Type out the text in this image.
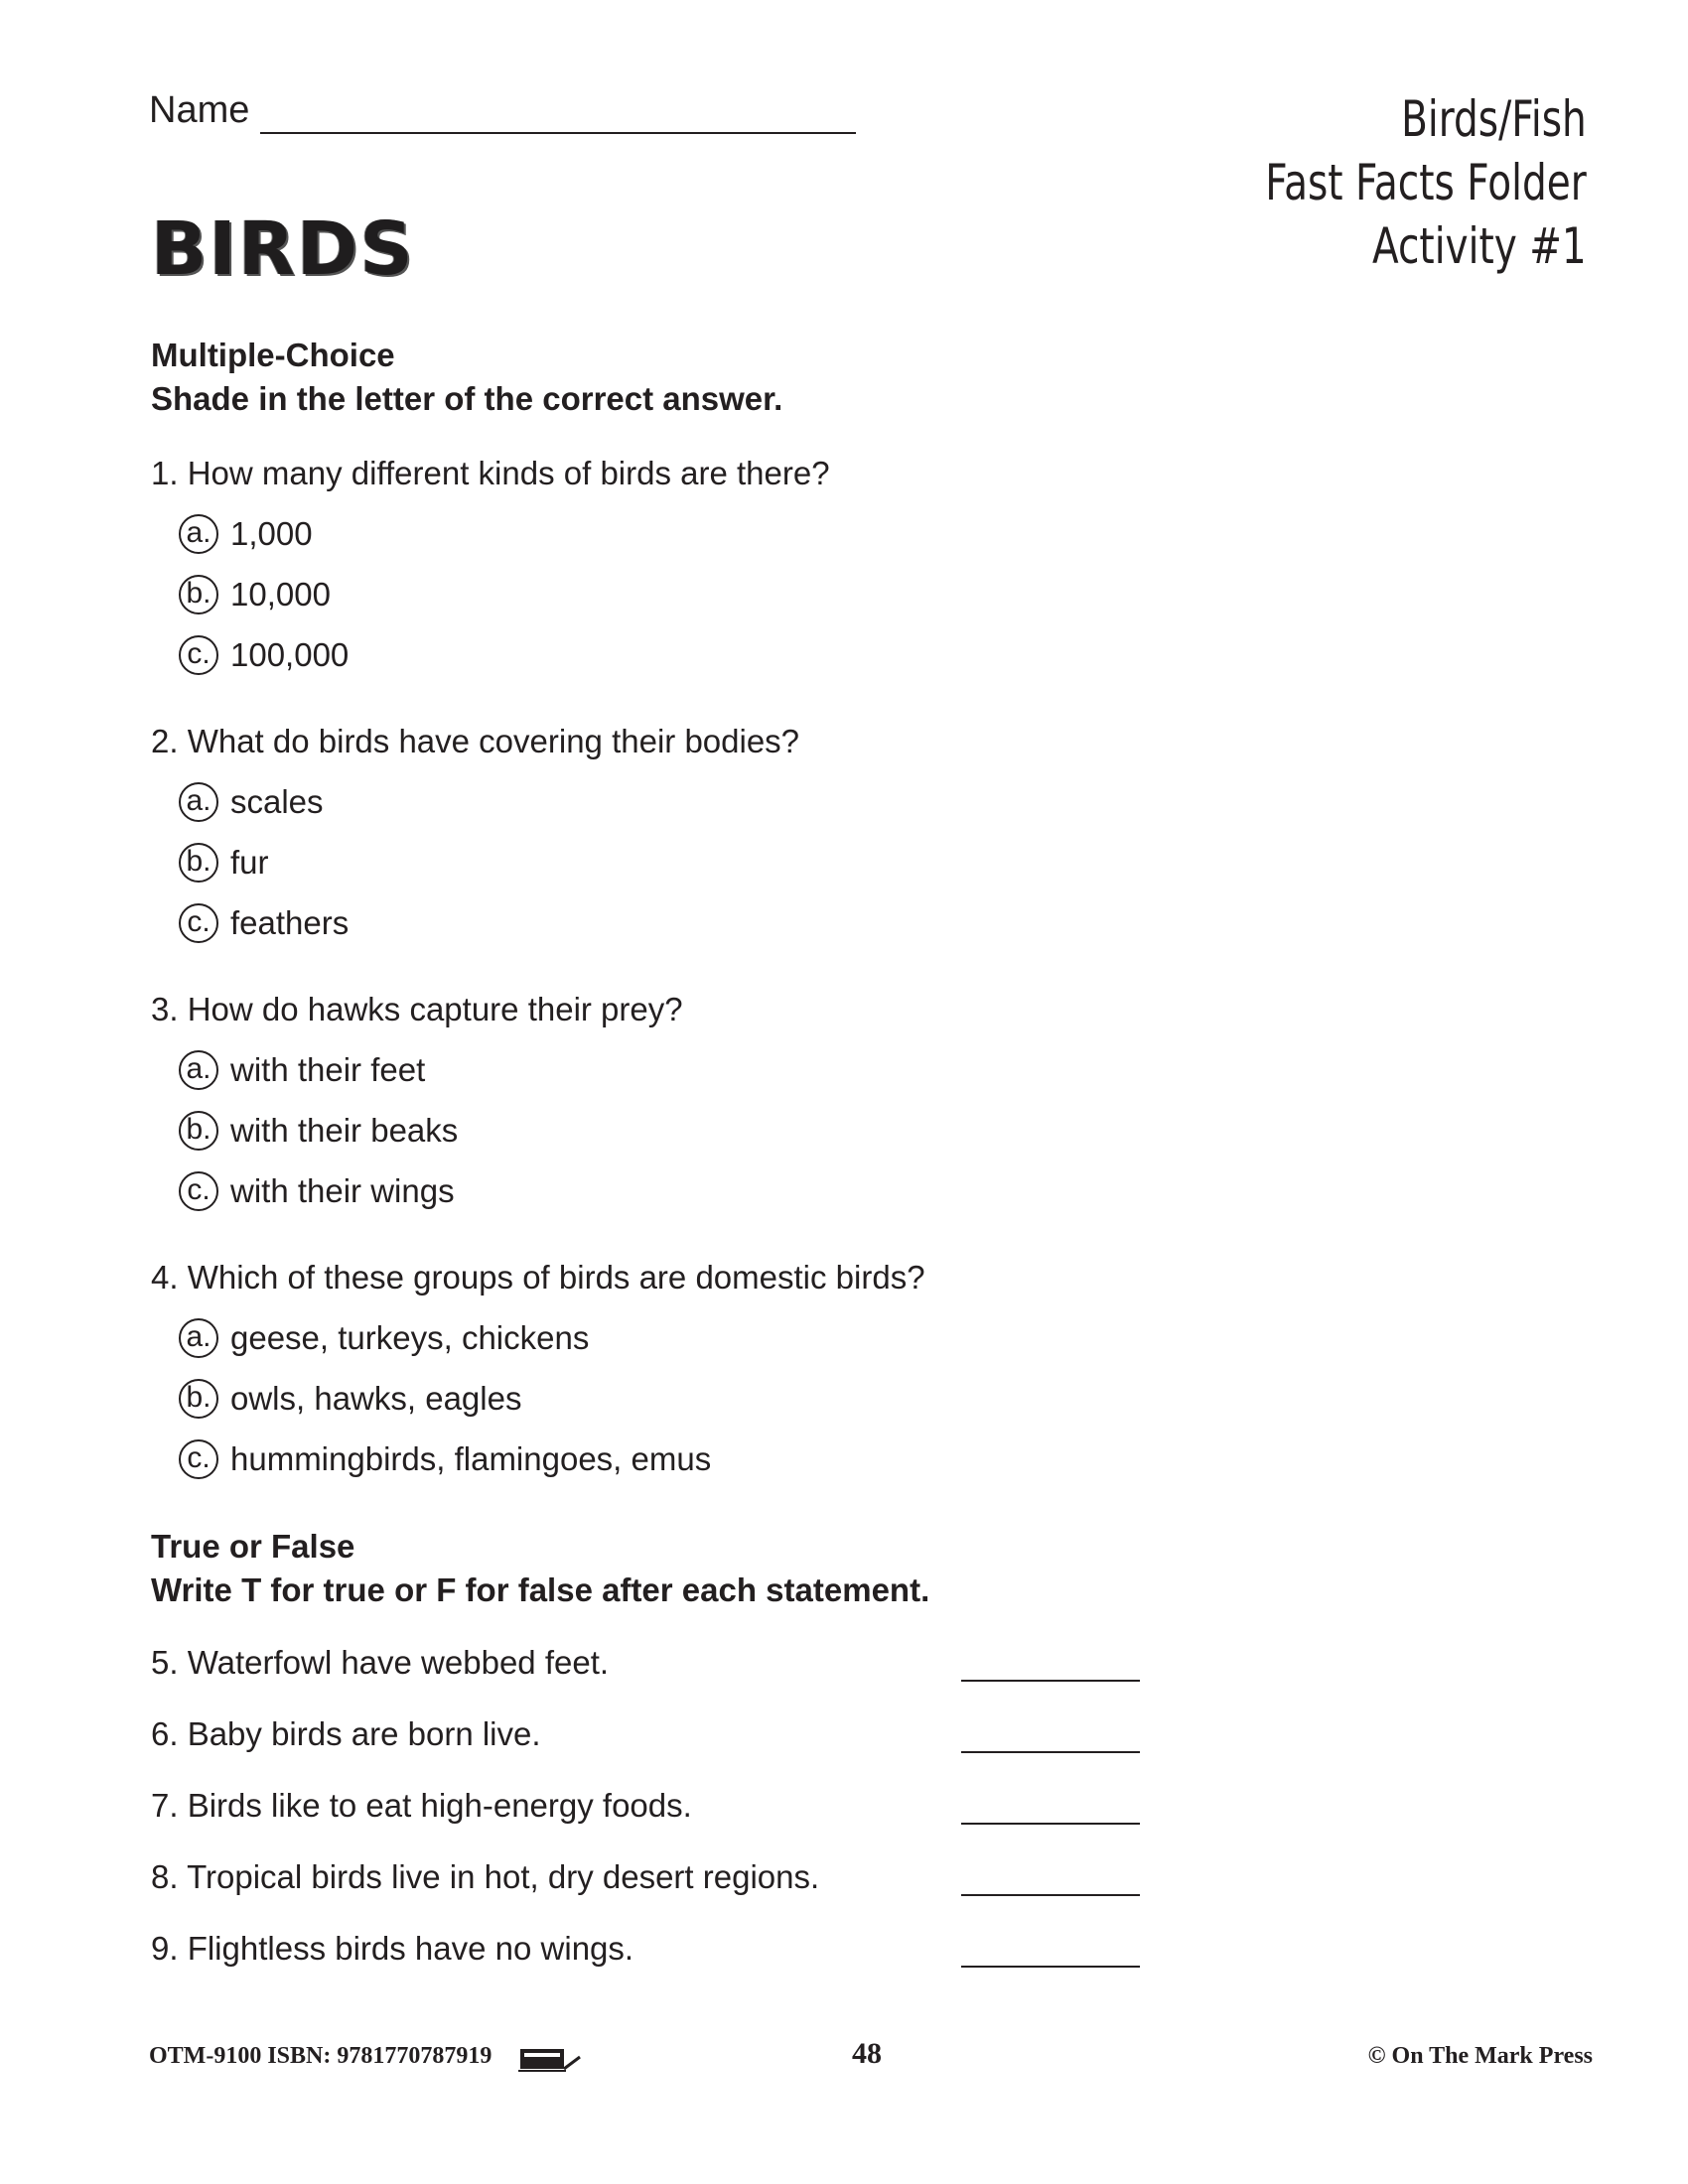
Name
BIRDS
Birds/Fish
Fast Facts Folder
Activity #1
Multiple-Choice
Shade in the letter of the correct answer.
1. How many different kinds of birds are there?
a. 1,000
b. 10,000
c. 100,000
2. What do birds have covering their bodies?
a. scales
b. fur
c. feathers
3. How do hawks capture their prey?
a. with their feet
b. with their beaks
c. with their wings
4. Which of these groups of birds are domestic birds?
a. geese, turkeys, chickens
b. owls, hawks, eagles
c. hummingbirds, flamingoes, emus
True or False
Write T for true or F for false after each statement.
5. Waterfowl have webbed feet.
6. Baby birds are born live.
7. Birds like to eat high-energy foods.
8. Tropical birds live in hot, dry desert regions.
9. Flightless birds have no wings.
OTM-9100 ISBN: 9781770787919	48	© On The Mark Press
